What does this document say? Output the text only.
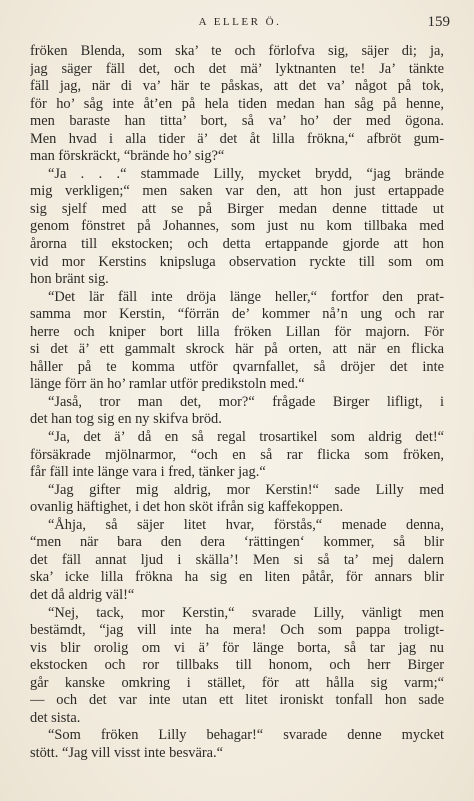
A ELLER Ö.	159
fröken Blenda, som ska’ te och förlofva sig, säjer di; ja,
jag säger fäll det, och det mä’ lyktnanten te! Ja’ tänkte
fäll jag, när di va’ här te påskas, att det va’ något på tok,
för ho’ såg inte åt’en på hela tiden medan han såg på henne,
men baraste han titta’ bort, så va’ ho’ der med ögona.
Men hvad i alla tider ä’ det åt lilla frökna,“ afbröt gum-
man förskräckt, “brände ho’ sig?“
“Ja . . .“ stammade Lilly, mycket brydd, “jag brände
mig verkligen;“ men saken var den, att hon just ertappade
sig sjelf med att se på Birger medan denne tittade ut
genom fönstret på Johannes, som just nu kom tillbaka med
årorna till ekstocken; och detta ertappande gjorde att hon
vid mor Kerstins knipsluga observation ryckte till som om
hon bränt sig.
“Det lär fäll inte dröja länge heller,“ fortfor den prat-
samma mor Kerstin, “förrän de’ kommer nå’n ung och rar
herre och kniper bort lilla fröken Lillan för majorn. För
si det ä’ ett gammalt skrock här på orten, att när en flicka
håller på te komma utför qvarnfallet, så dröjer det inte
länge förr än ho’ ramlar utför predikstoln med.“
“Jaså, tror man det, mor?“ frågade Birger lifligt, i
det han tog sig en ny skifva bröd.
“Ja, det ä’ då en så regal trosartikel som aldrig det!“
försäkrade mjölnarmor, “och en så rar flicka som fröken,
får fäll inte länge vara i fred, tänker jag.“
“Jag gifter mig aldrig, mor Kerstin!“ sade Lilly med
ovanlig häftighet, i det hon sköt ifrån sig kaffekoppen.
“Åhja, så säjer litet hvar, förstås,“ menade denna,
“men när bara den dera ‘rättingen‘ kommer, så blir
det fäll annat ljud i skälla’! Men si så ta’ mej dalern
ska’ icke lilla frökna ha sig en liten påtår, för annars blir
det då aldrig väl!“
“Nej, tack, mor Kerstin,“ svarade Lilly, vänligt men
bestämdt, “jag vill inte ha mera! Och som pappa troligt-
vis blir orolig om vi ä’ för länge borta, så tar jag nu
ekstocken och ror tillbaks till honom, och herr Birger
går kanske omkring i stället, för att hålla sig varm;“
— och det var inte utan ett litet ironiskt tonfall hon sade
det sista.
“Som fröken Lilly behagar!“ svarade denne mycket
stött. “Jag vill visst inte besvära.“
